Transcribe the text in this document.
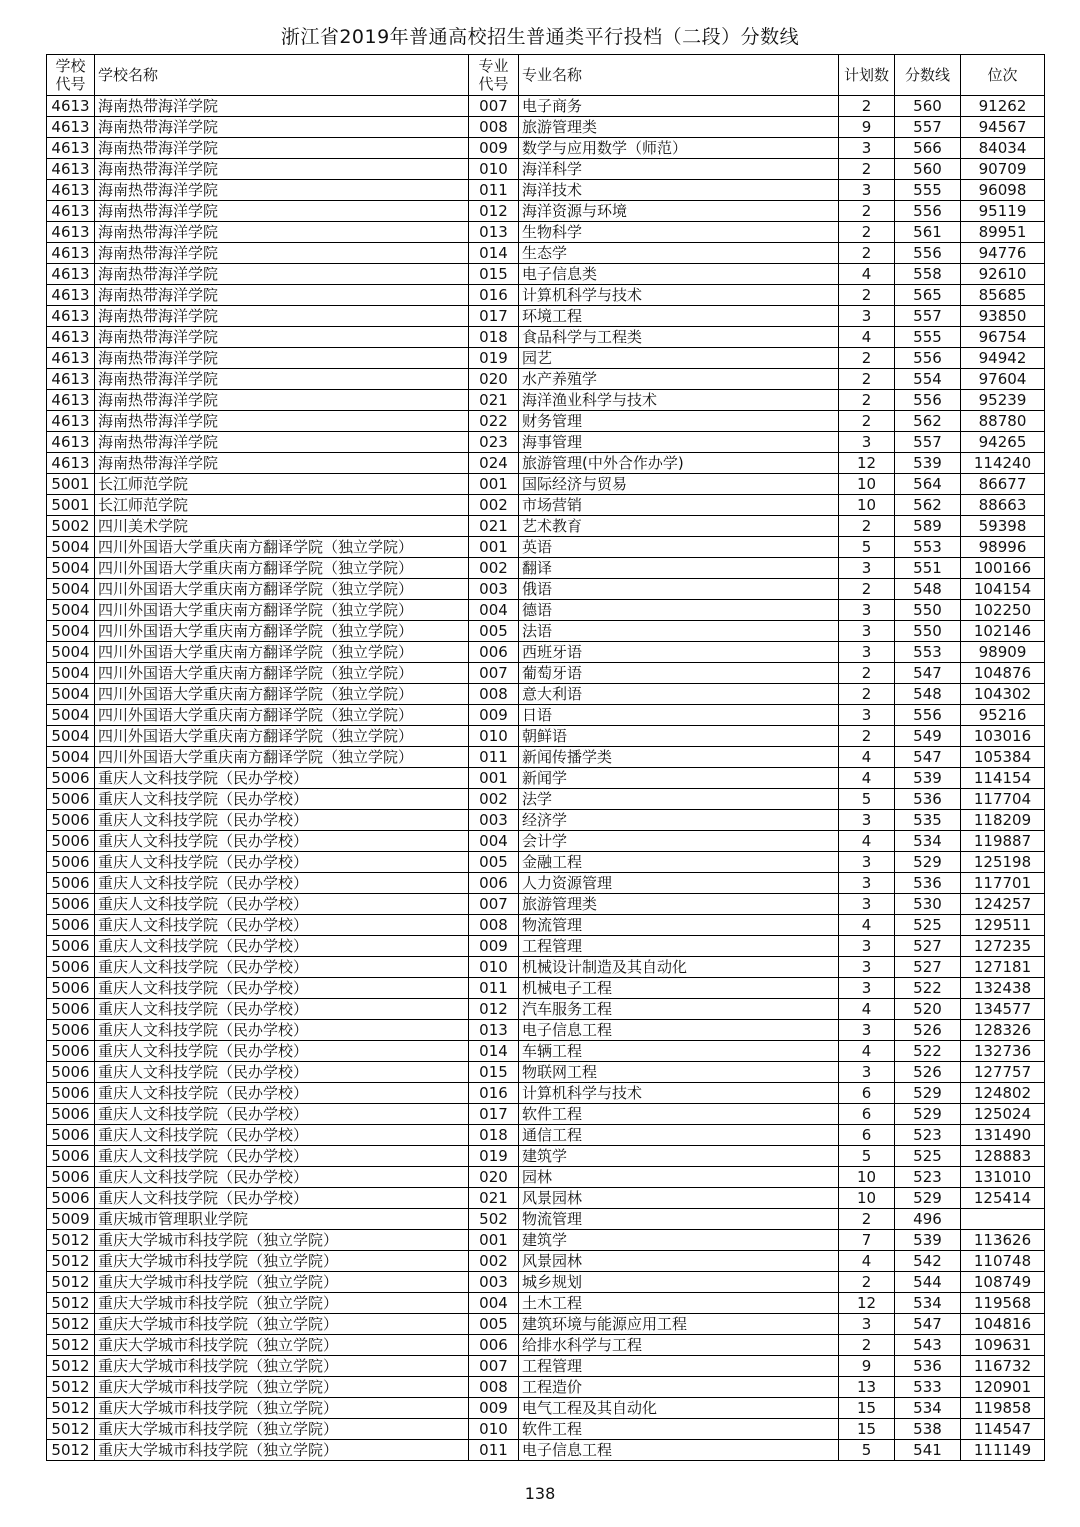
浙江省2019年普通高校招生普通类平行投档（二段）分数线
学校代号	学校名称	专业代号	专业名称	计划数	分数线	位次
4613	海南热带海洋学院	007	电子商务	2	560	91262
4613	海南热带海洋学院	008	旅游管理类	9	557	94567
4613	海南热带海洋学院	009	数学与应用数学（师范）	3	566	84034
4613	海南热带海洋学院	010	海洋科学	2	560	90709
4613	海南热带海洋学院	011	海洋技术	3	555	96098
4613	海南热带海洋学院	012	海洋资源与环境	2	556	95119
4613	海南热带海洋学院	013	生物科学	2	561	89951
4613	海南热带海洋学院	014	生态学	2	556	94776
4613	海南热带海洋学院	015	电子信息类	4	558	92610
4613	海南热带海洋学院	016	计算机科学与技术	2	565	85685
4613	海南热带海洋学院	017	环境工程	3	557	93850
4613	海南热带海洋学院	018	食品科学与工程类	4	555	96754
4613	海南热带海洋学院	019	园艺	2	556	94942
4613	海南热带海洋学院	020	水产养殖学	2	554	97604
4613	海南热带海洋学院	021	海洋渔业科学与技术	2	556	95239
4613	海南热带海洋学院	022	财务管理	2	562	88780
4613	海南热带海洋学院	023	海事管理	3	557	94265
4613	海南热带海洋学院	024	旅游管理(中外合作办学)	12	539	114240
5001	长江师范学院	001	国际经济与贸易	10	564	86677
5001	长江师范学院	002	市场营销	10	562	88663
5002	四川美术学院	021	艺术教育	2	589	59398
5004	四川外国语大学重庆南方翻译学院（独立学院）	001	英语	5	553	98996
5004	四川外国语大学重庆南方翻译学院（独立学院）	002	翻译	3	551	100166
5004	四川外国语大学重庆南方翻译学院（独立学院）	003	俄语	2	548	104154
5004	四川外国语大学重庆南方翻译学院（独立学院）	004	德语	3	550	102250
5004	四川外国语大学重庆南方翻译学院（独立学院）	005	法语	3	550	102146
5004	四川外国语大学重庆南方翻译学院（独立学院）	006	西班牙语	3	553	98909
5004	四川外国语大学重庆南方翻译学院（独立学院）	007	葡萄牙语	2	547	104876
5004	四川外国语大学重庆南方翻译学院（独立学院）	008	意大利语	2	548	104302
5004	四川外国语大学重庆南方翻译学院（独立学院）	009	日语	3	556	95216
5004	四川外国语大学重庆南方翻译学院（独立学院）	010	朝鲜语	2	549	103016
5004	四川外国语大学重庆南方翻译学院（独立学院）	011	新闻传播学类	4	547	105384
5006	重庆人文科技学院（民办学校）	001	新闻学	4	539	114154
5006	重庆人文科技学院（民办学校）	002	法学	5	536	117704
5006	重庆人文科技学院（民办学校）	003	经济学	3	535	118209
5006	重庆人文科技学院（民办学校）	004	会计学	4	534	119887
5006	重庆人文科技学院（民办学校）	005	金融工程	3	529	125198
5006	重庆人文科技学院（民办学校）	006	人力资源管理	3	536	117701
5006	重庆人文科技学院（民办学校）	007	旅游管理类	3	530	124257
5006	重庆人文科技学院（民办学校）	008	物流管理	4	525	129511
5006	重庆人文科技学院（民办学校）	009	工程管理	3	527	127235
5006	重庆人文科技学院（民办学校）	010	机械设计制造及其自动化	3	527	127181
5006	重庆人文科技学院（民办学校）	011	机械电子工程	3	522	132438
5006	重庆人文科技学院（民办学校）	012	汽车服务工程	4	520	134577
5006	重庆人文科技学院（民办学校）	013	电子信息工程	3	526	128326
5006	重庆人文科技学院（民办学校）	014	车辆工程	4	522	132736
5006	重庆人文科技学院（民办学校）	015	物联网工程	3	526	127757
5006	重庆人文科技学院（民办学校）	016	计算机科学与技术	6	529	124802
5006	重庆人文科技学院（民办学校）	017	软件工程	6	529	125024
5006	重庆人文科技学院（民办学校）	018	通信工程	6	523	131490
5006	重庆人文科技学院（民办学校）	019	建筑学	5	525	128883
5006	重庆人文科技学院（民办学校）	020	园林	10	523	131010
5006	重庆人文科技学院（民办学校）	021	风景园林	10	529	125414
5009	重庆城市管理职业学院	502	物流管理	2	496	
5012	重庆大学城市科技学院（独立学院）	001	建筑学	7	539	113626
5012	重庆大学城市科技学院（独立学院）	002	风景园林	4	542	110748
5012	重庆大学城市科技学院（独立学院）	003	城乡规划	2	544	108749
5012	重庆大学城市科技学院（独立学院）	004	土木工程	12	534	119568
5012	重庆大学城市科技学院（独立学院）	005	建筑环境与能源应用工程	3	547	104816
5012	重庆大学城市科技学院（独立学院）	006	给排水科学与工程	2	543	109631
5012	重庆大学城市科技学院（独立学院）	007	工程管理	9	536	116732
5012	重庆大学城市科技学院（独立学院）	008	工程造价	13	533	120901
5012	重庆大学城市科技学院（独立学院）	009	电气工程及其自动化	15	534	119858
5012	重庆大学城市科技学院（独立学院）	010	软件工程	15	538	114547
5012	重庆大学城市科技学院（独立学院）	011	电子信息工程	5	541	111149
138
